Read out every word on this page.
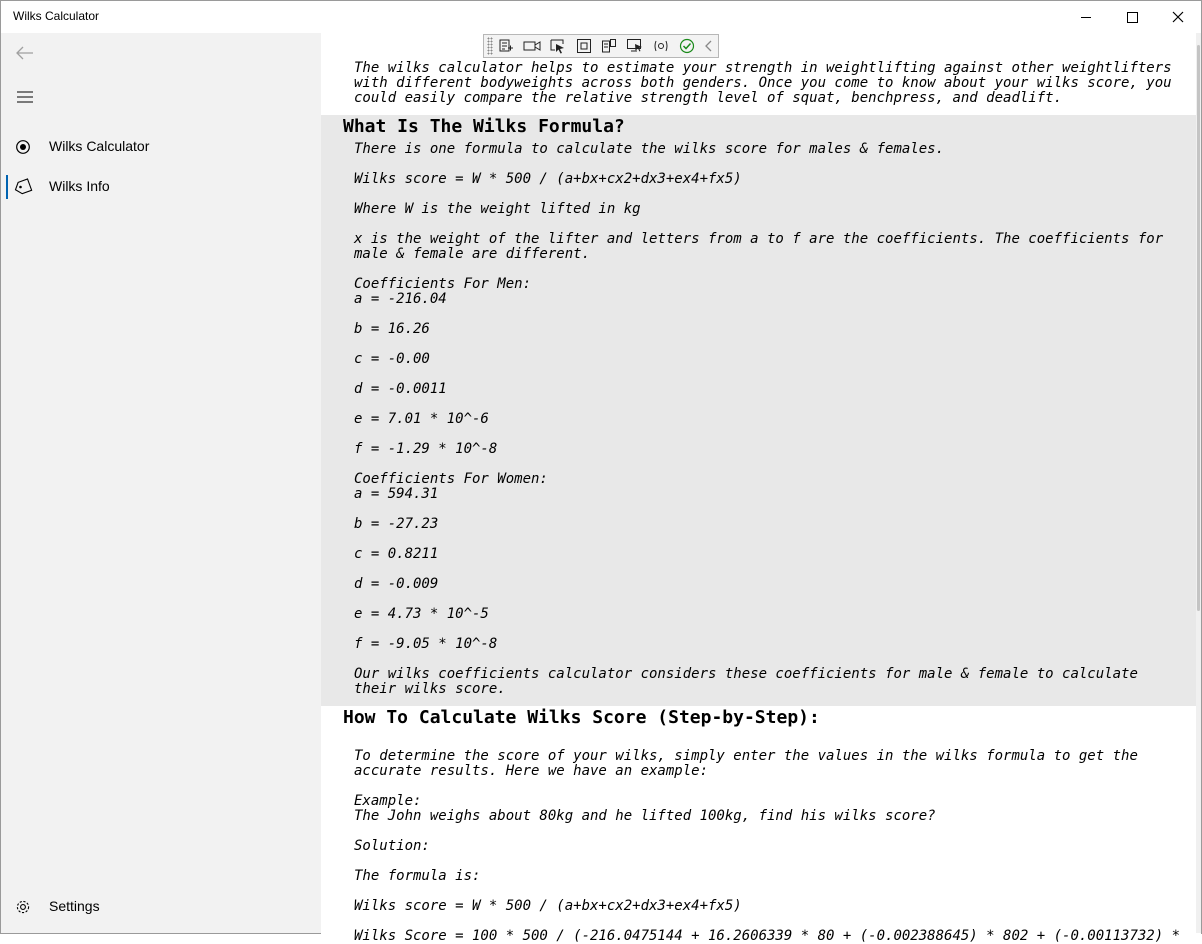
Wilks Calculator
Wilks Calculator
Wilks Info
Settings

The wilks calculator helps to estimate your strength in weightlifting against other weightlifters with different bodyweights across both genders. Once you come to know about your wilks score, you could easily compare the relative strength level of squat, benchpress, and deadlift.

What Is The Wilks Formula?

There is one formula to calculate the wilks score for males & females.

Wilks score = W * 500 / (a+bx+cx2+dx3+ex4+fx5)

Where W is the weight lifted in kg

x is the weight of the lifter and letters from a to f are the coefficients. The coefficients for male & female are different.

Coefficients For Men:

a = -216.04

b = 16.26

c = -0.00

d = -0.0011

e = 7.01 * 10^-6

f = -1.29 * 10^-8

Coefficients For Women:

a = 594.31

b = -27.23

c = 0.8211

d = -0.009

e = 4.73 * 10^-5

f = -9.05 * 10^-8

Our wilks coefficients calculator considers these coefficients for male & female to calculate their wilks score.

How To Calculate Wilks Score (Step-by-Step):

To determine the score of your wilks, simply enter the values in the wilks formula to get the accurate results. Here we have an example:

Example:

The John weighs about 80kg and he lifted 100kg, find his wilks score?

Solution:

The formula is:

Wilks score = W * 500 / (a+bx+cx2+dx3+ex4+fx5)

Wilks Score = 100 * 500 / (-216.0475144 + 16.2606339 * 80 + (-0.002388645) * 802 + (-0.00113732) *
